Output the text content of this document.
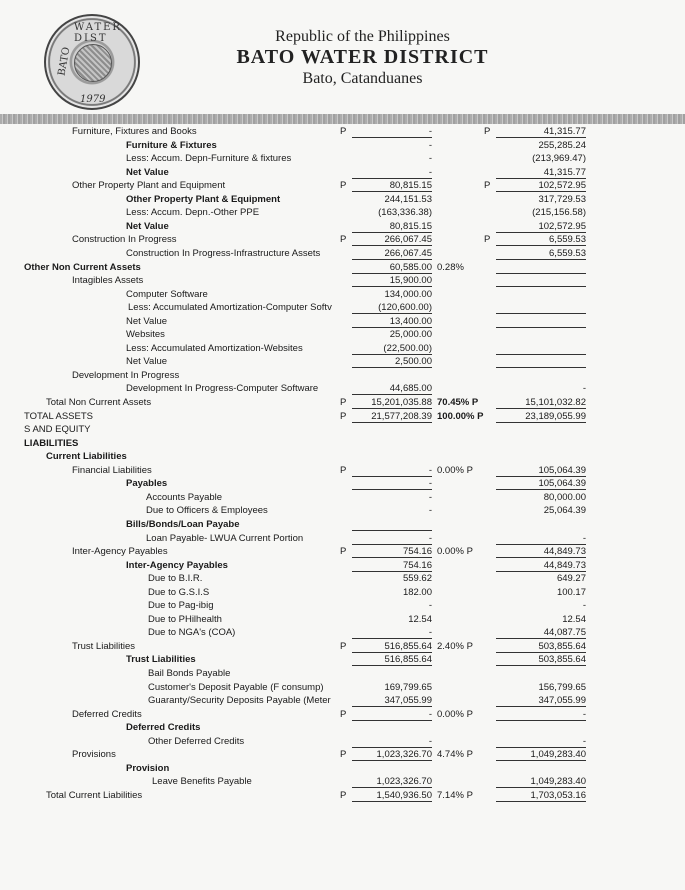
WATER DIST
BATO
1979
Republic of the Philippines
BATO WATER DISTRICT
Bato, Catanduanes
Furniture, Fixtures and Books	P	-	P	41,315.77
Furniture & Fixtures	-	255,285.24
Less: Accum. Depn-Furniture & fixtures	-	(213,969.47)
Net Value	-	41,315.77
Other Property Plant and Equipment	P	80,815.15	P	102,572.95
Other Property Plant & Equipment	244,151.53	317,729.53
Less: Accum. Depn.-Other PPE	(163,336.38)	(215,156.58)
Net Value	80,815.15	102,572.95
Construction In Progress	P	266,067.45	P	6,559.53
Construction In Progress-Infrastructure Assets	266,067.45	6,559.53
Other Non Current Assets	60,585.00 0.28%
Intagibles Assets	15,900.00
Computer Software	134,000.00
Less: Accumulated Amortization-Computer Softv	(120,600.00)
Net Value	13,400.00
Websites	25,000.00
Less: Accumulated Amortization-Websites	(22,500.00)
Net Value	2,500.00
Development In Progress
Development In Progress-Computer Software	44,685.00	-
Total Non Current Assets	P	15,201,035.88 70.45% P	15,101,032.82
TOTAL ASSETS	P	21,577,208.39 100.00% P	23,189,055.99
S AND EQUITY
LIABILITIES
Current Liabilities
Financial Liabilities	P	- 0.00% P	105,064.39
Payables	-	105,064.39
Accounts Payable	-	80,000.00
Due to Officers & Employees	-	25,064.39
Bills/Bonds/Loan Payabe
Loan Payable- LWUA Current Portion	-	-
Inter-Agency Payables	P	754.16 0.00% P	44,849.73
Inter-Agency Payables	754.16	44,849.73
Due to B.I.R.	559.62	649.27
Due to G.S.I.S	182.00	100.17
Due to Pag-ibig	-	-
Due to PHilhealth	12.54	12.54
Due to NGA's (COA)	-	44,087.75
Trust Liabilities	P	516,855.64 2.40% P	503,855.64
Trust Liabilities	516,855.64	503,855.64
Bail Bonds Payable
Customer's Deposit Payable (F consump)	169,799.65	156,799.65
Guaranty/Security Deposits Payable (Meter	347,055.99	347,055.99
Deferred Credits	P	- 0.00% P	-
Deferred Credits
Other Deferred Credits	-	-
Provisions	P	1,023,326.70 4.74% P	1,049,283.40
Provision
Leave Benefits Payable	1,023,326.70	1,049,283.40
Total Current Liabilities	P	1,540,936.50 7.14% P	1,703,053.16
